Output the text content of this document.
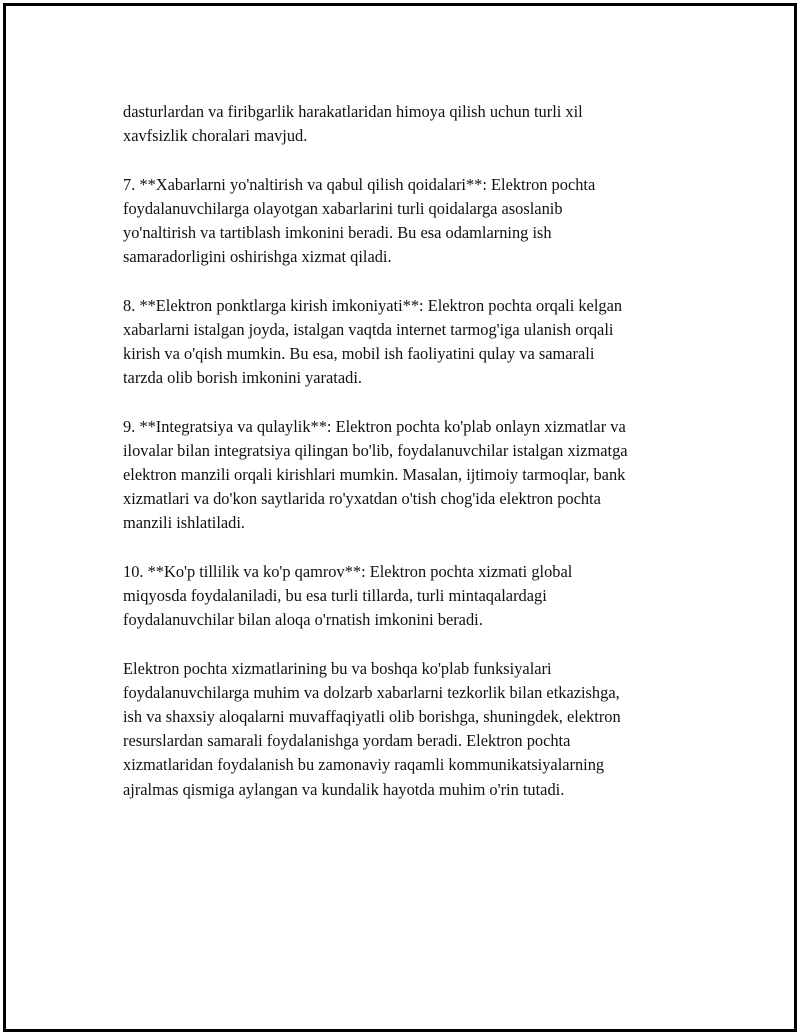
dasturlardan va firibgarlik harakatlaridan himoya qilish uchun turli xil
xavfsizlik choralari mavjud.

7. **Xabarlarni yo'naltirish va qabul qilish qoidalari**: Elektron pochta
foydalanuvchilarga olayotgan xabarlarini turli qoidalarga asoslanib
yo'naltirish va tartiblash imkonini beradi. Bu esa odamlarning ish
samaradorligini oshirishga xizmat qiladi.

8. **Elektron ponktlarga kirish imkoniyati**: Elektron pochta orqali kelgan
xabarlarni istalgan joyda, istalgan vaqtda internet tarmog'iga ulanish orqali
kirish va o'qish mumkin. Bu esa, mobil ish faoliyatini qulay va samarali
tarzda olib borish imkonini yaratadi.

9. **Integratsiya va qulaylik**: Elektron pochta ko'plab onlayn xizmatlar va
ilovalar bilan integratsiya qilingan bo'lib, foydalanuvchilar istalgan xizmatga
elektron manzili orqali kirishlari mumkin. Masalan, ijtimoiy tarmoqlar, bank
xizmatlari va do'kon saytlarida ro'yxatdan o'tish chog'ida elektron pochta
manzili ishlatiladi.

10. **Ko'p tillilik va ko'p qamrov**: Elektron pochta xizmati global
miqyosda foydalaniladi, bu esa turli tillarda, turli mintaqalardagi
foydalanuvchilar bilan aloqa o'rnatish imkonini beradi.

Elektron pochta xizmatlarining bu va boshqa ko'plab funksiyalari
foydalanuvchilarga muhim va dolzarb xabarlarni tezkorlik bilan etkazishga,
ish va shaxsiy aloqalarni muvaffaqiyatli olib borishga, shuningdek, elektron
resurslardan samarali foydalanishga yordam beradi. Elektron pochta
xizmatlaridan foydalanish bu zamonaviy raqamli kommunikatsiyalarning
ajralmas qismiga aylangan va kundalik hayotda muhim o'rin tutadi.
